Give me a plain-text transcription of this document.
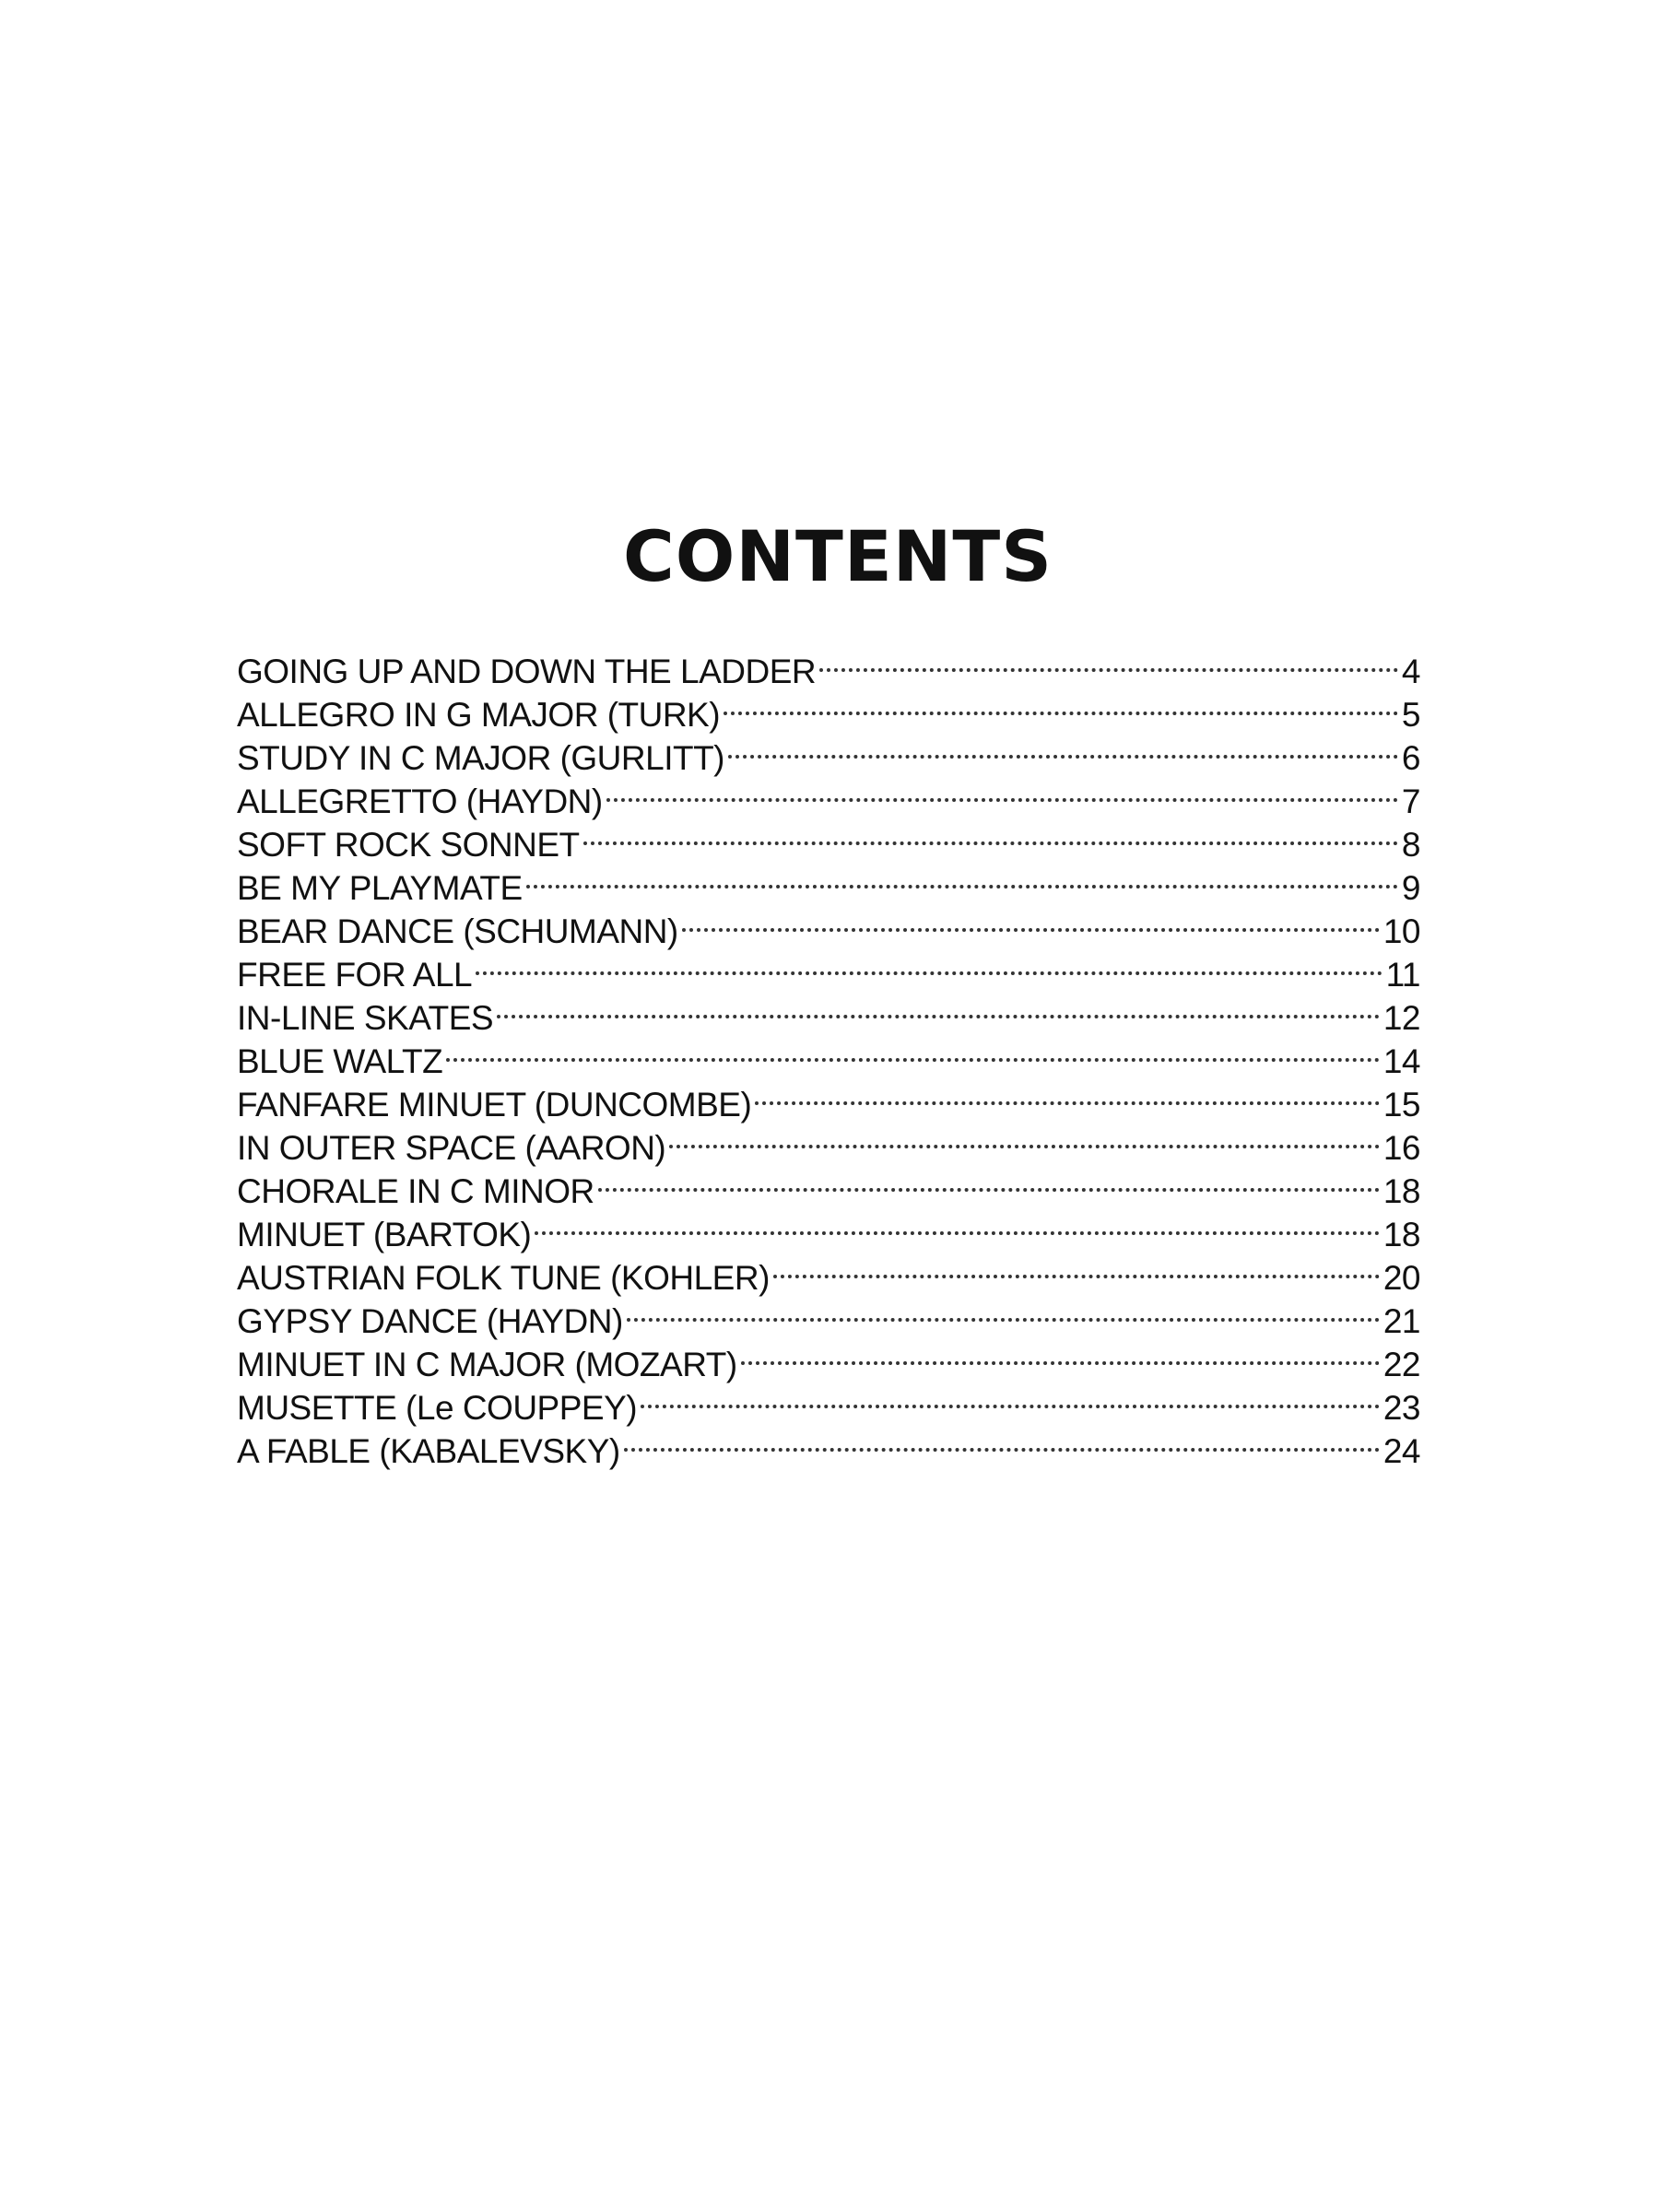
CONTENTS
GOING UP AND DOWN THE LADDER	4
ALLEGRO IN G MAJOR (TURK)	5
STUDY IN C MAJOR (GURLITT)	6
ALLEGRETTO (HAYDN)	7
SOFT ROCK SONNET	8
BE MY PLAYMATE	9
BEAR DANCE (SCHUMANN)	10
FREE FOR ALL	11
IN-LINE SKATES	12
BLUE WALTZ	14
FANFARE MINUET (DUNCOMBE)	15
IN OUTER SPACE (AARON)	16
CHORALE IN C MINOR	18
MINUET (BARTOK)	18
AUSTRIAN FOLK TUNE (KOHLER)	20
GYPSY DANCE (HAYDN)	21
MINUET IN C MAJOR (MOZART)	22
MUSETTE (Le COUPPEY)	23
A FABLE (KABALEVSKY)	24
